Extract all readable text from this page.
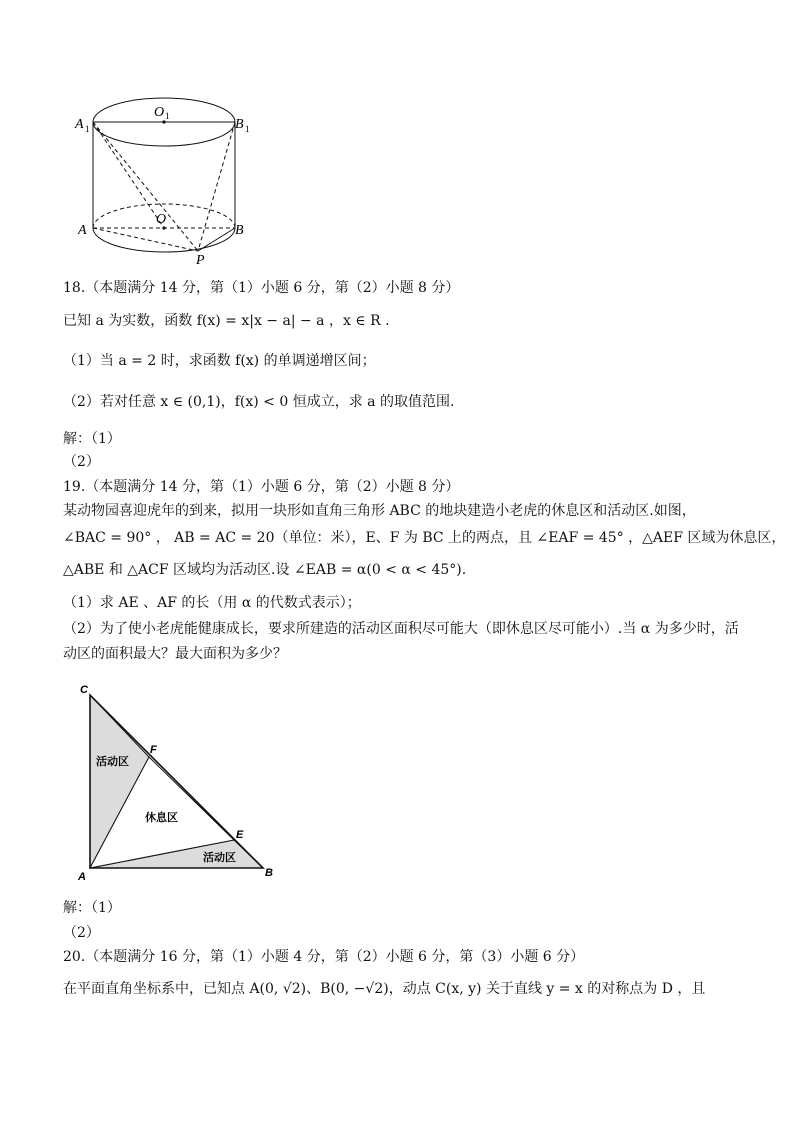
A 1	B 1
O 1
A	B
O
P
18.（本题满分 14 分，第（1）小题 6 分，第（2）小题 8 分）
已知 a 为实数，函数 f(x) = x|x − a| − a ，x ∈ R .
（1）当 a = 2 时，求函数 f(x) 的单调递增区间；
（2）若对任意 x ∈ (0,1)，f(x) < 0 恒成立，求 a 的取值范围.
解：（1）
（2）
19.（本题满分 14 分，第（1）小题 6 分，第（2）小题 8 分）
某动物园喜迎虎年的到来，拟用一块形如直角三角形 ABC 的地块建造小老虎的休息区和活动区.如图，
∠BAC = 90° ， AB = AC = 20（单位：米），E、F 为 BC 上的两点，且 ∠EAF = 45° ，△AEF 区域为休息区，
△ABE 和 △ACF 区域均为活动区.设 ∠EAB = α(0 < α < 45°).
（1）求 AE 、AF 的长（用 α 的代数式表示）；
（2）为了使小老虎能健康成长，要求所建造的活动区面积尽可能大（即休息区尽可能小）.当 α 为多少时，活
动区的面积最大？最大面积为多少？
C
F
E
A	B
活动区
休息区
活动区
解：（1）
（2）
20.（本题满分 16 分，第（1）小题 4 分，第（2）小题 6 分，第（3）小题 6 分）
在平面直角坐标系中，已知点 A(0, √2)、B(0, −√2)，动点 C(x, y) 关于直线 y = x 的对称点为 D ，且
